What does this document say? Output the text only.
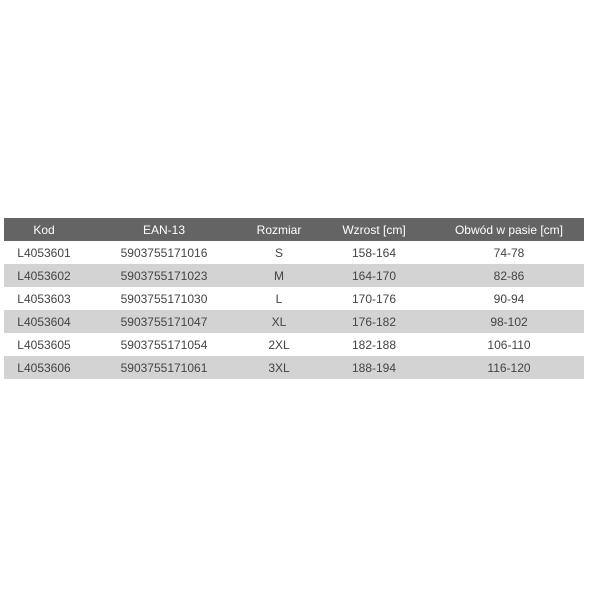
Kod	EAN-13	Rozmiar	Wzrost [cm]	Obwód w pasie [cm]
L4053601	5903755171016	S	158-164	74-78
L4053602	5903755171023	M	164-170	82-86
L4053603	5903755171030	L	170-176	90-94
L4053604	5903755171047	XL	176-182	98-102
L4053605	5903755171054	2XL	182-188	106-110
L4053606	5903755171061	3XL	188-194	116-120
